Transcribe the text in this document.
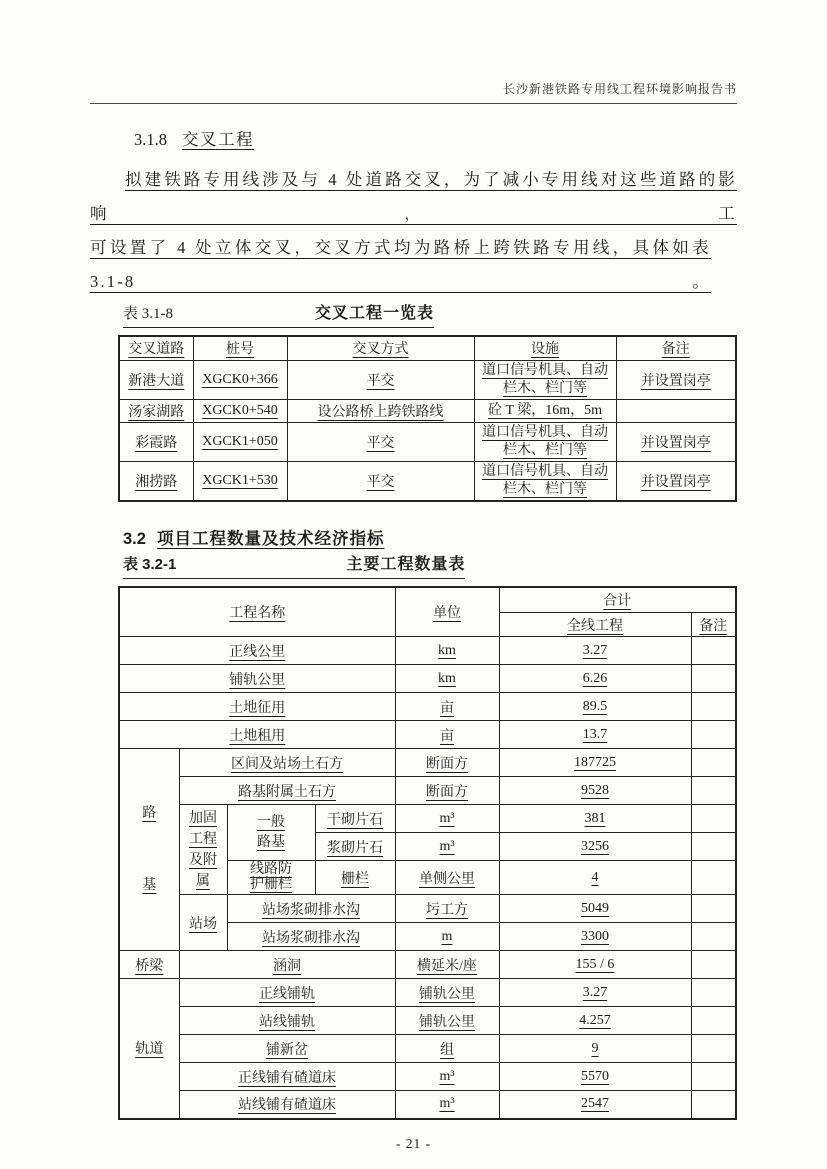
长沙新港铁路专用线工程环境影响报告书
3.1.8 交叉工程
拟建铁路专用线涉及与 4 处道路交叉，为了减小专用线对这些道路的影响，工
可设置了 4 处立体交叉，交叉方式均为路桥上跨铁路专用线，具体如表 3.1-8。
表 3.1-8	交叉工程一览表
交叉道路	桩号	交叉方式	设施	备注
新港大道	XGCK0+366	平交	道口信号机具、自动栏木、栏门等	并设置岗亭
汤家湖路	XGCK0+540	设公路桥上跨铁路线	砼 T 梁，16m，5m	
彩霞路	XGCK1+050	平交	道口信号机具、自动栏木、栏门等	并设置岗亭
湘捞路	XGCK1+530	平交	道口信号机具、自动栏木、栏门等	并设置岗亭
3.2 项目工程数量及技术经济指标
表 3.2-1	主要工程数量表
工程名称				单位	合计	
					全线工程	备注
正线公里				km	3.27	
铺轨公里				km	6.26	
土地征用				亩	89.5	
土地租用				亩	13.7	
路基	区间及站场土石方			断面方	187725	
	路基附属土石方			断面方	9528	
	加固工程及附属	一般路基	干砌片石	m³	381	
			浆砌片石	m³	3256	
		线路防护栅栏	栅栏	单侧公里	4	
	站场	站场浆砌排水沟		圬工方	5049	
		站场浆砌排水沟		m	3300	
桥梁	涵洞			横延米/座	155 / 6	
轨道	正线铺轨			铺轨公里	3.27	
	站线铺轨			铺轨公里	4.257	
	铺新岔			组	9	
	正线铺有碴道床			m³	5570	
	站线铺有碴道床			m³	2547	
- 21 -
